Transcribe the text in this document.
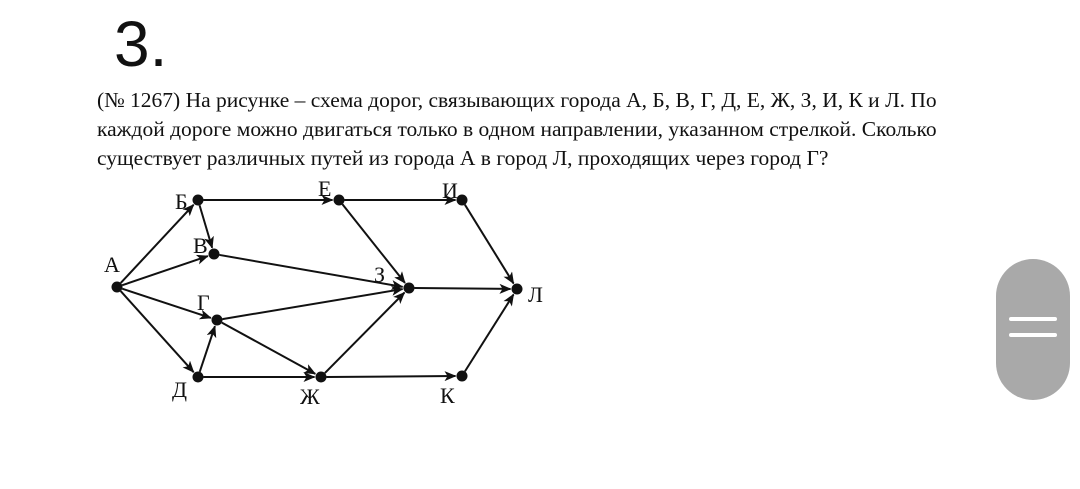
3.
(№ 1267) На рисунке – схема дорог, связывающих города А, Б, В, Г, Д, Е, Ж, З, И, К и Л. По
каждой дороге можно двигаться только в одном направлении, указанном стрелкой. Сколько
существует различных путей из города А в город Л, проходящих через город Г?
А
Б
В
Г
Д
Е
Ж
З
И
К
Л
